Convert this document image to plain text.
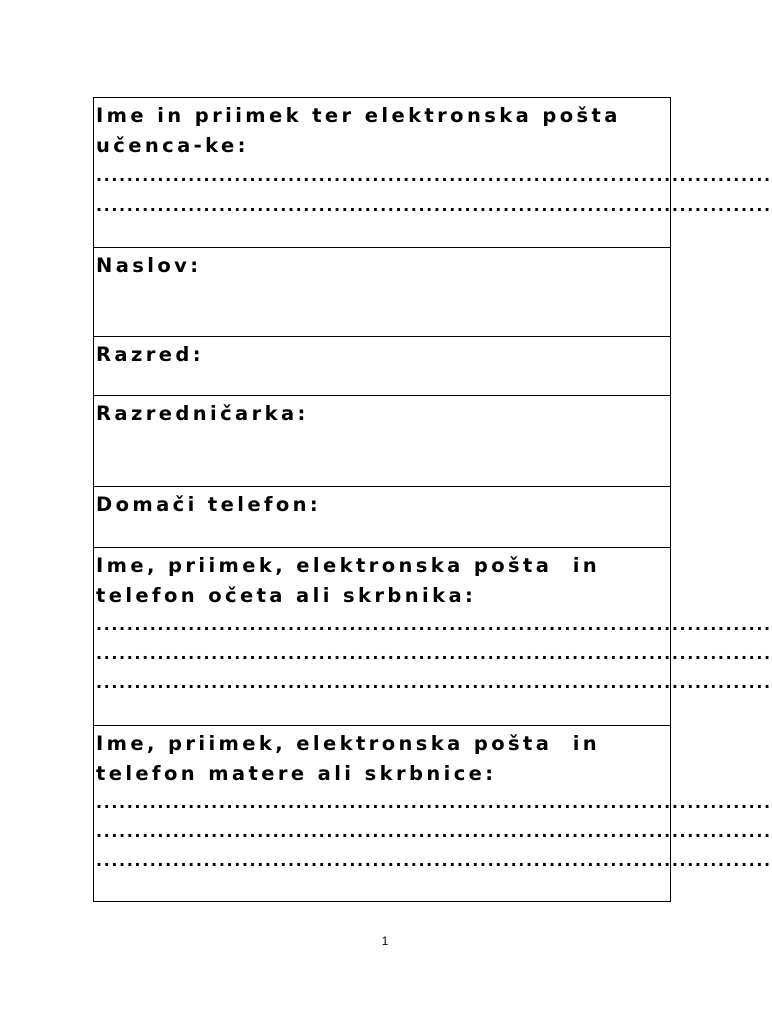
Ime in priimek ter elektronska pošta
učenca-ke:
........................................................................................
........................................................................................
Naslov:
Razred:
Razredničarka:
Domači telefon:
Ime, priimek, elektronska pošta  in
telefon očeta ali skrbnika:
........................................................................................
........................................................................................
........................................................................................
Ime, priimek, elektronska pošta  in
telefon matere ali skrbnice:
........................................................................................
........................................................................................
........................................................................................
1
